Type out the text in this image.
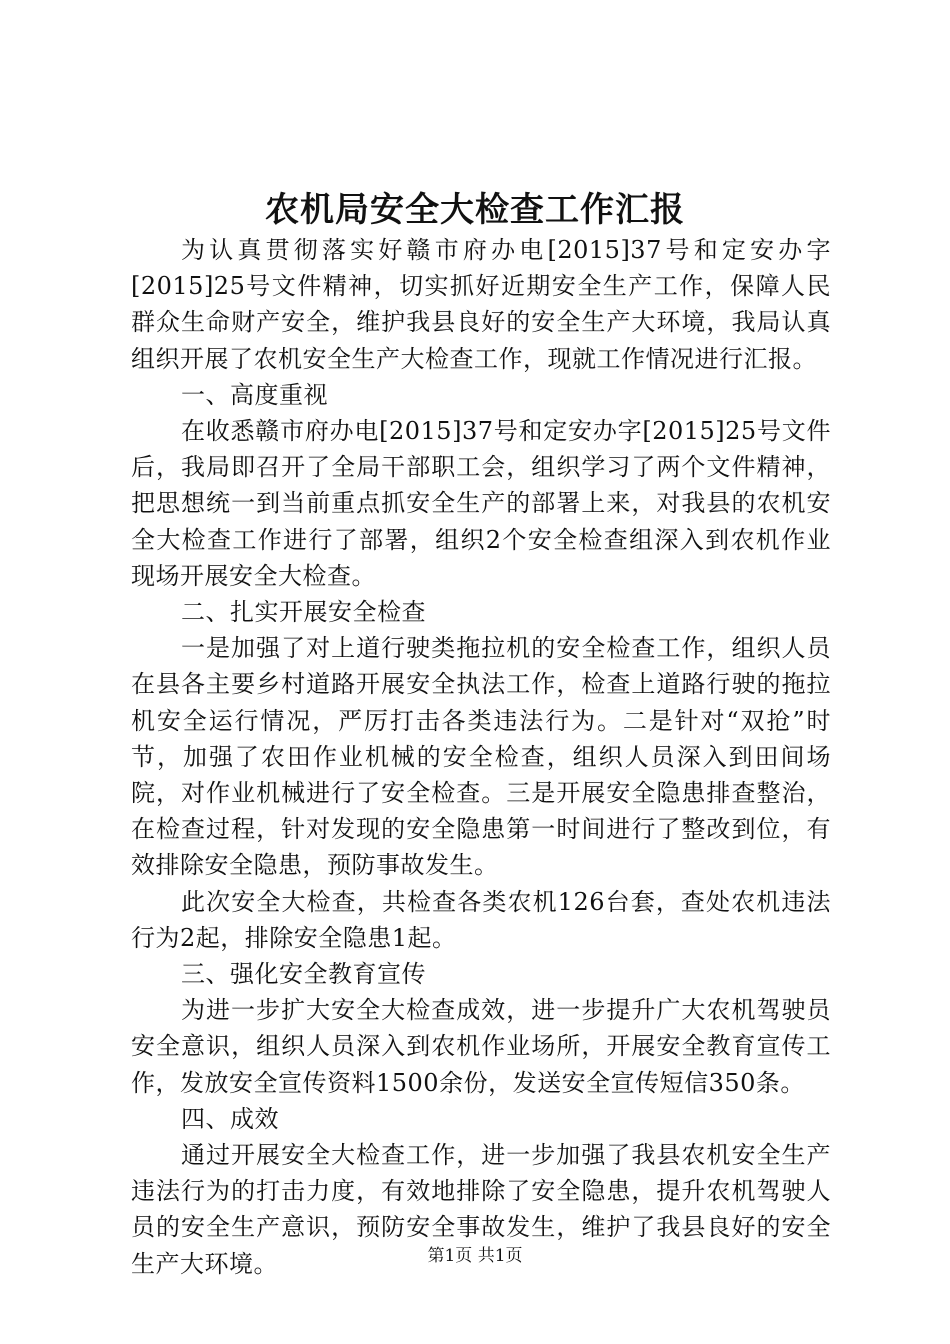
农机局安全大检查工作汇报

为认真贯彻落实好赣市府办电[2015]37号和定安办字[2015]25号文件精神，切实抓好近期安全生产工作，保障人民群众生命财产安全，维护我县良好的安全生产大环境，我局认真组织开展了农机安全生产大检查工作，现就工作情况进行汇报。

一、高度重视

在收悉赣市府办电[2015]37号和定安办字[2015]25号文件后，我局即召开了全局干部职工会，组织学习了两个文件精神，把思想统一到当前重点抓安全生产的部署上来，对我县的农机安全大检查工作进行了部署，组织2个安全检查组深入到农机作业现场开展安全大检查。

二、扎实开展安全检查

一是加强了对上道行驶类拖拉机的安全检查工作，组织人员在县各主要乡村道路开展安全执法工作，检查上道路行驶的拖拉机安全运行情况，严厉打击各类违法行为。二是针对“双抢”时节，加强了农田作业机械的安全检查，组织人员深入到田间场院，对作业机械进行了安全检查。三是开展安全隐患排查整治，在检查过程，针对发现的安全隐患第一时间进行了整改到位，有效排除安全隐患，预防事故发生。

此次安全大检查，共检查各类农机126台套，查处农机违法行为2起，排除安全隐患1起。

三、强化安全教育宣传

为进一步扩大安全大检查成效，进一步提升广大农机驾驶员安全意识，组织人员深入到农机作业场所，开展安全教育宣传工作，发放安全宣传资料1500余份，发送安全宣传短信350条。

四、成效

通过开展安全大检查工作，进一步加强了我县农机安全生产违法行为的打击力度，有效地排除了安全隐患，提升农机驾驶人员的安全生产意识，预防安全事故发生，维护了我县良好的安全生产大环境。	第1页 共1页
